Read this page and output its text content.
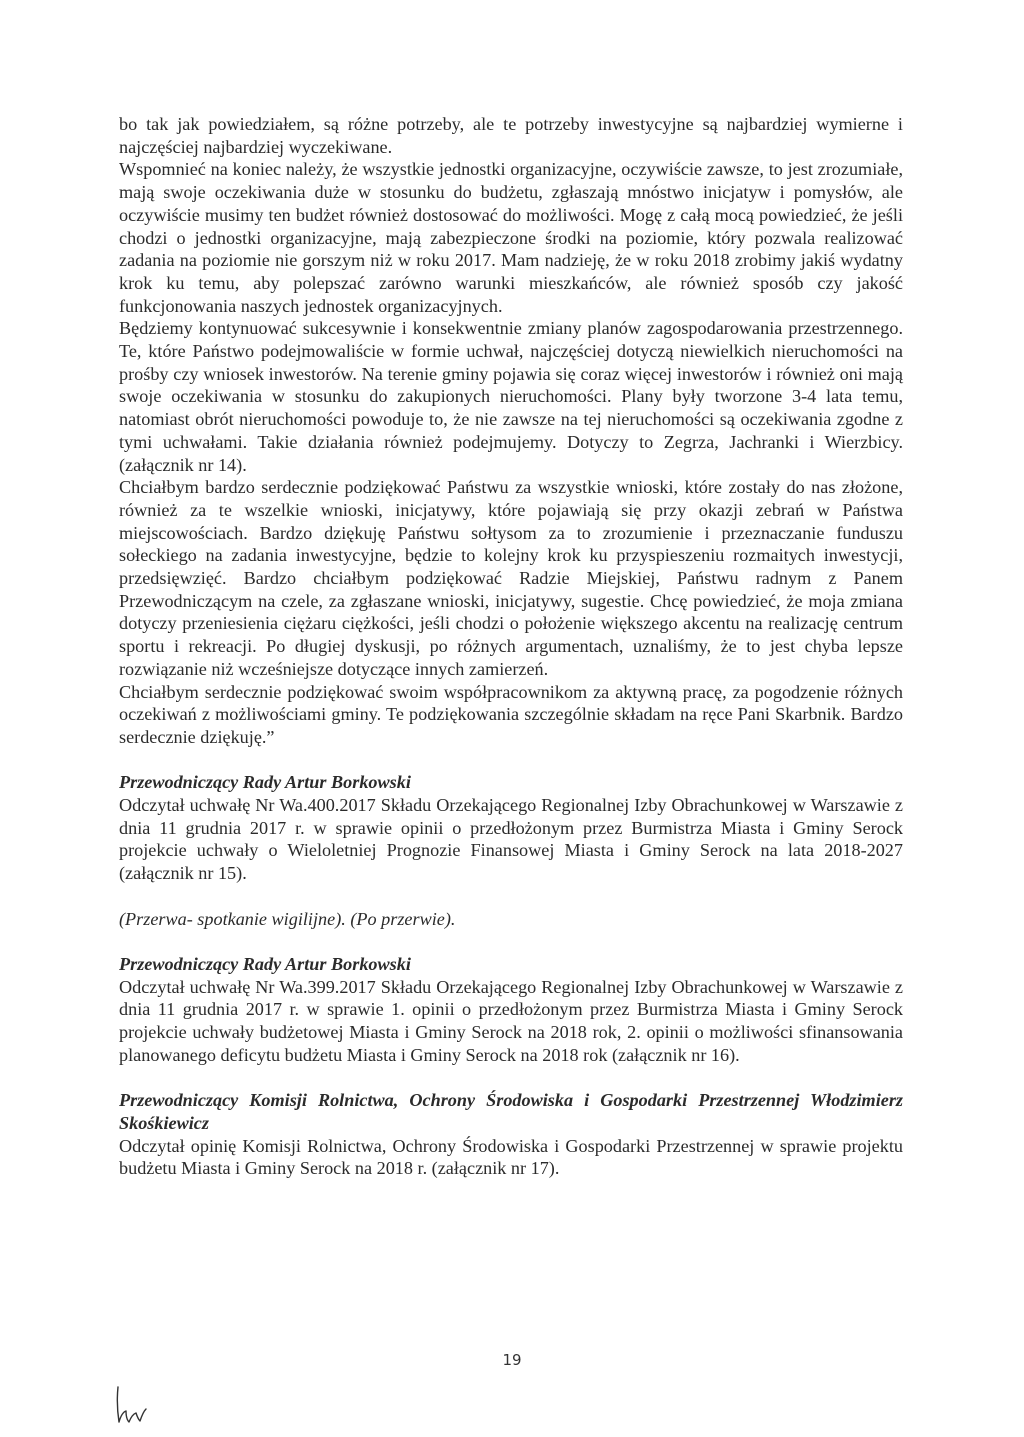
bo tak jak powiedziałem, są różne potrzeby, ale te potrzeby inwestycyjne są najbardziej wymierne i najczęściej najbardziej wyczekiwane.

Wspomnieć na koniec należy, że wszystkie jednostki organizacyjne, oczywiście zawsze, to jest zrozumiałe, mają swoje oczekiwania duże w stosunku do budżetu, zgłaszają mnóstwo inicjatyw i pomysłów, ale oczywiście musimy ten budżet również dostosować do możliwości. Mogę z całą mocą powiedzieć, że jeśli chodzi o jednostki organizacyjne, mają zabezpieczone środki na poziomie, który pozwala realizować zadania na poziomie nie gorszym niż w roku 2017. Mam nadzieję, że w roku 2018 zrobimy jakiś wydatny krok ku temu, aby polepszać zarówno warunki mieszkańców, ale również sposób czy jakość funkcjonowania naszych jednostek organizacyjnych.

Będziemy kontynuować sukcesywnie i konsekwentnie zmiany planów zagospodarowania przestrzennego. Te, które Państwo podejmowaliście w formie uchwał, najczęściej dotyczą niewielkich nieruchomości na prośby czy wniosek inwestorów. Na terenie gminy pojawia się coraz więcej inwestorów i również oni mają swoje oczekiwania w stosunku do zakupionych nieruchomości. Plany były tworzone 3-4 lata temu, natomiast obrót nieruchomości powoduje to, że nie zawsze na tej nieruchomości są oczekiwania zgodne z tymi uchwałami. Takie działania również podejmujemy. Dotyczy to Zegrza, Jachranki i Wierzbicy. (załącznik nr 14).

Chciałbym bardzo serdecznie podziękować Państwu za wszystkie wnioski, które zostały do nas złożone, również za te wszelkie wnioski, inicjatywy, które pojawiają się przy okazji zebrań w Państwa miejscowościach. Bardzo dziękuję Państwu sołtysom za to zrozumienie i przeznaczanie funduszu sołeckiego na zadania inwestycyjne, będzie to kolejny krok ku przyspieszeniu rozmaitych inwestycji, przedsięwzięć. Bardzo chciałbym podziękować Radzie Miejskiej, Państwu radnym z Panem Przewodniczącym na czele, za zgłaszane wnioski, inicjatywy, sugestie. Chcę powiedzieć, że moja zmiana dotyczy przeniesienia ciężaru ciężkości, jeśli chodzi o położenie większego akcentu na realizację centrum sportu i rekreacji. Po długiej dyskusji, po różnych argumentach, uznaliśmy, że to jest chyba lepsze rozwiązanie niż wcześniejsze dotyczące innych zamierzeń.

Chciałbym serdecznie podziękować swoim współpracownikom za aktywną pracę, za pogodzenie różnych oczekiwań z możliwościami gminy. Te podziękowania szczególnie składam na ręce Pani Skarbnik. Bardzo serdecznie dziękuję.”

Przewodniczący Rady Artur Borkowski

Odczytał uchwałę Nr Wa.400.2017 Składu Orzekającego Regionalnej Izby Obrachunkowej w Warszawie z dnia 11 grudnia 2017 r. w sprawie opinii o przedłożonym przez Burmistrza Miasta i Gminy Serock projekcie uchwały o Wieloletniej Prognozie Finansowej Miasta i Gminy Serock na lata 2018-2027 (załącznik nr 15).

(Przerwa- spotkanie wigilijne). (Po przerwie).

Przewodniczący Rady Artur Borkowski

Odczytał uchwałę Nr Wa.399.2017 Składu Orzekającego Regionalnej Izby Obrachunkowej w Warszawie z dnia 11 grudnia 2017 r. w sprawie 1. opinii o przedłożonym przez Burmistrza Miasta i Gminy Serock projekcie uchwały budżetowej Miasta i Gminy Serock na 2018 rok, 2. opinii o możliwości sfinansowania planowanego deficytu budżetu Miasta i Gminy Serock na 2018 rok (załącznik nr 16).

Przewodniczący Komisji Rolnictwa, Ochrony Środowiska i Gospodarki Przestrzennej Włodzimierz Skośkiewicz

Odczytał opinię Komisji Rolnictwa, Ochrony Środowiska i Gospodarki Przestrzennej w sprawie projektu budżetu Miasta i Gminy Serock na 2018 r. (załącznik nr 17).

19
